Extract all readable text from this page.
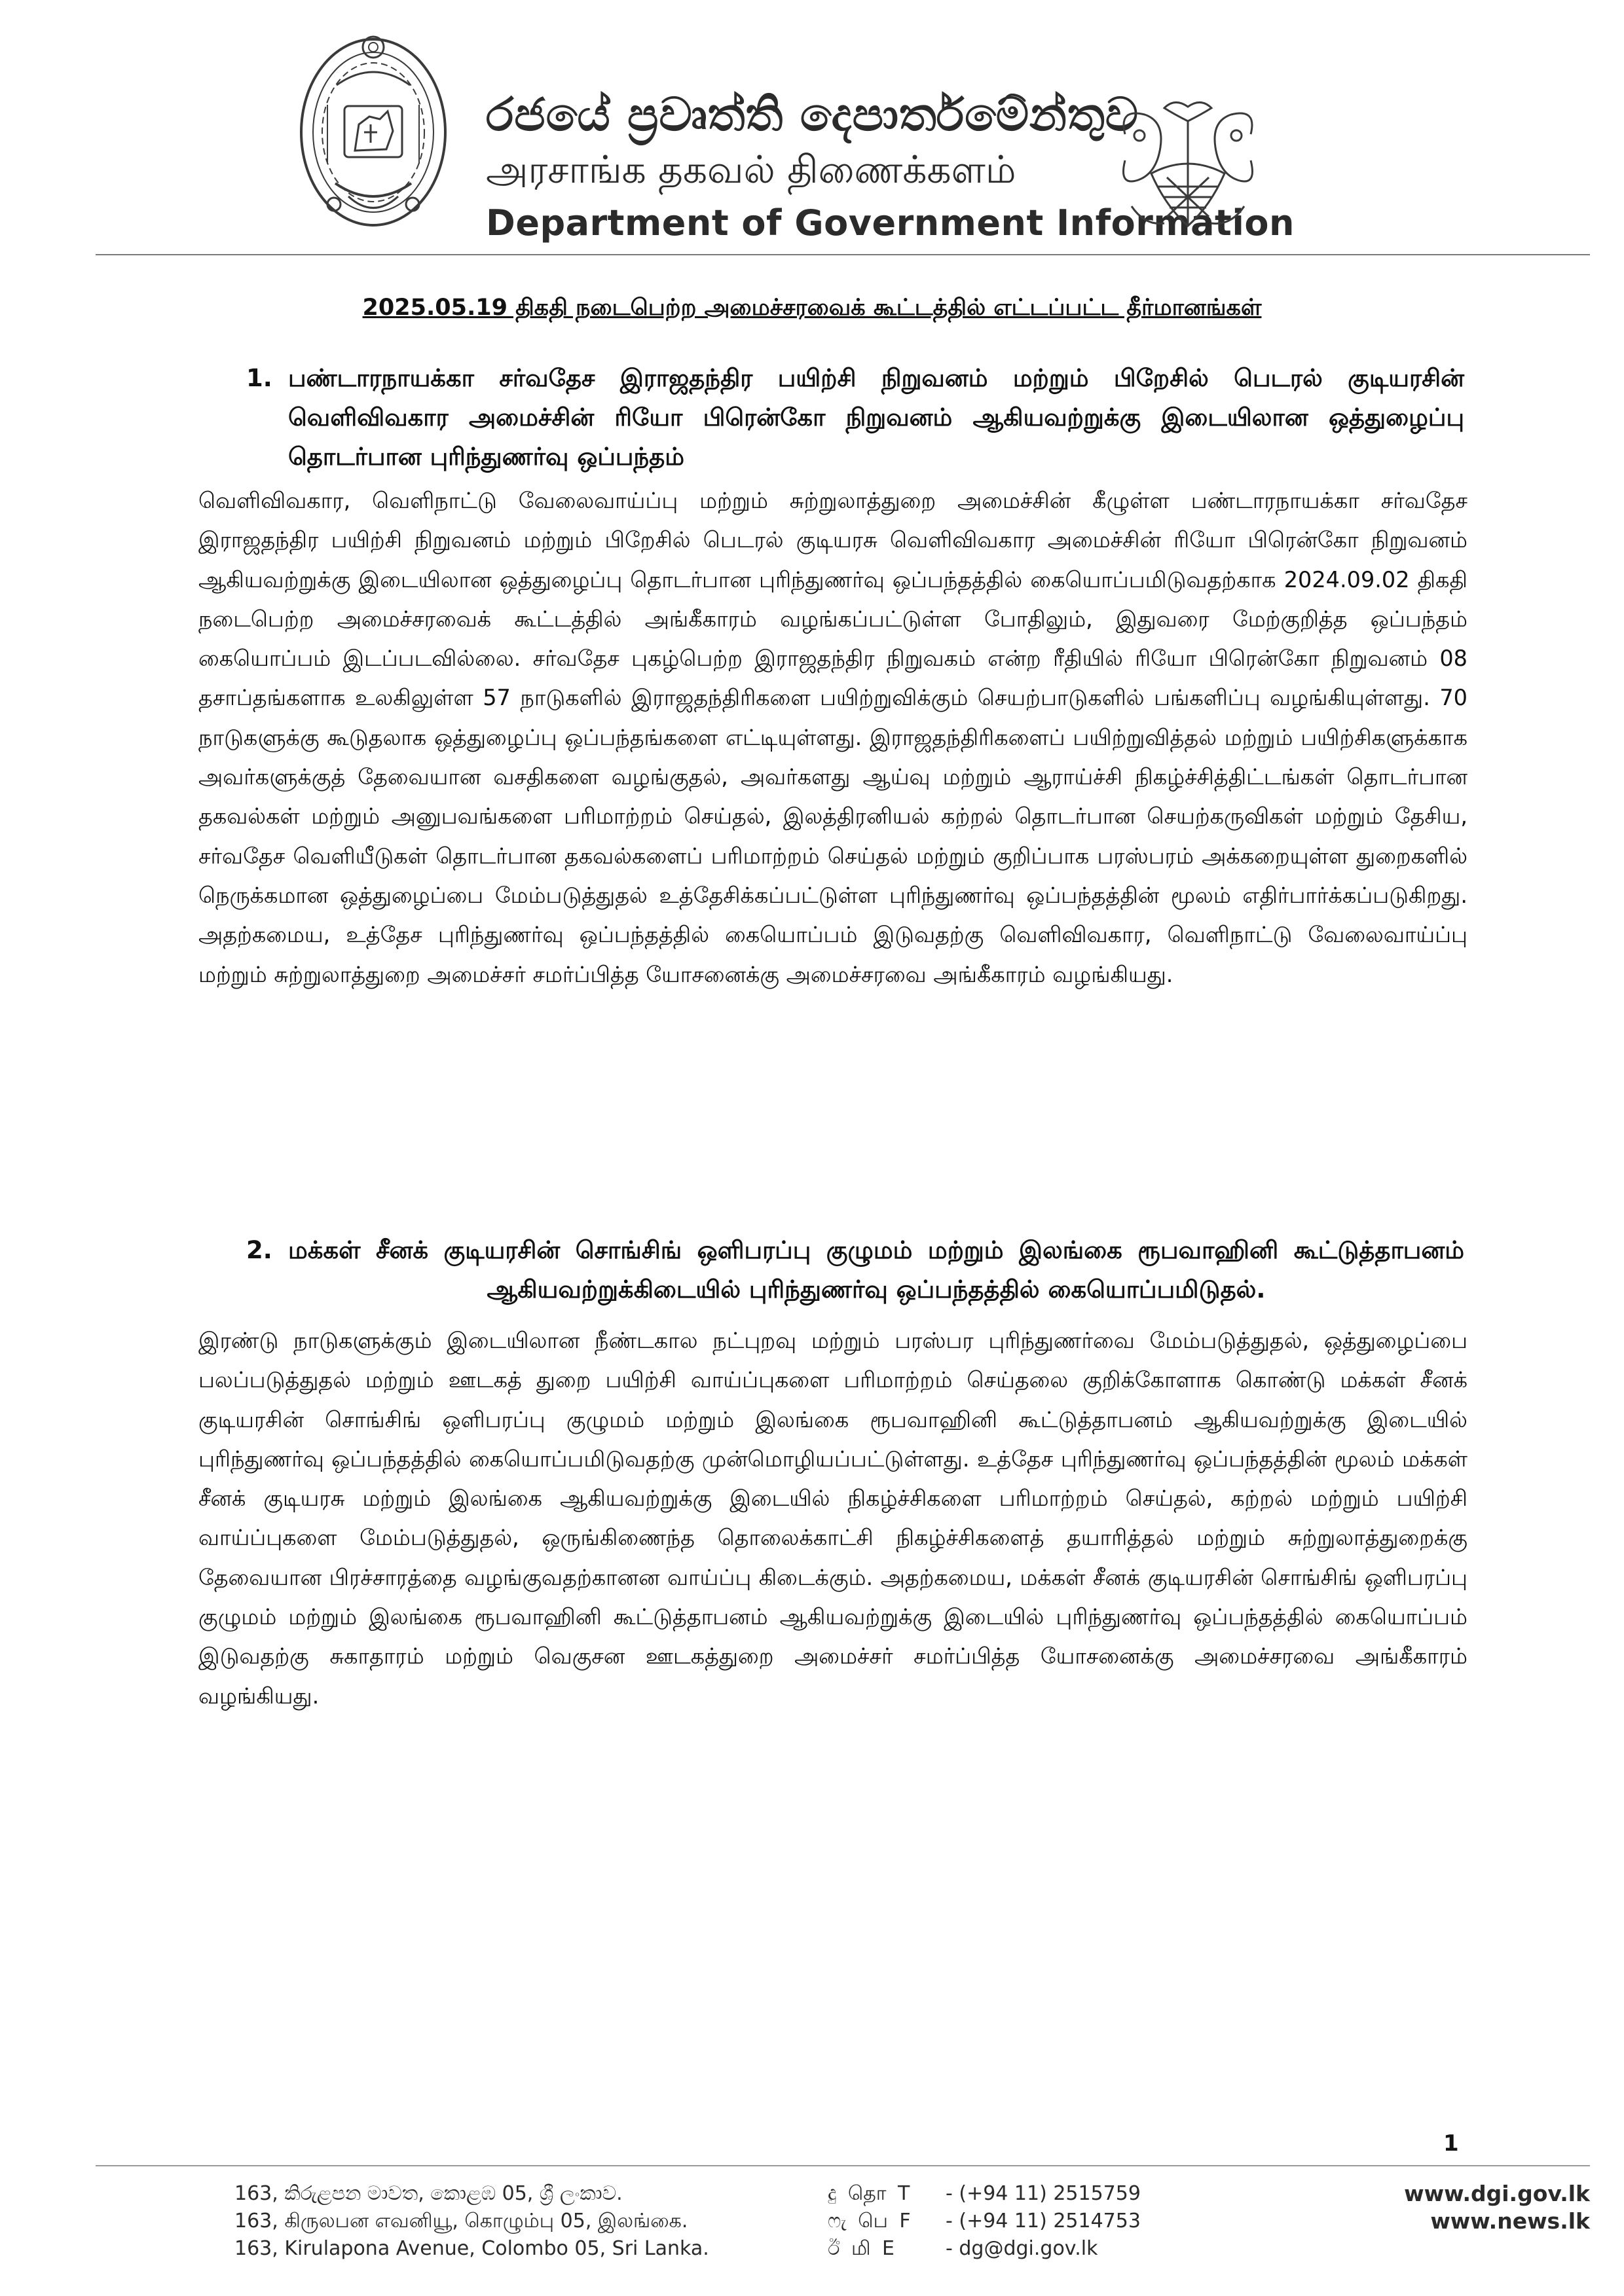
රජයේ ප්‍රවෘත්ති දෙපාර්තමේන්තුව
அரசாங்க தகவல் திணைக்களம்
Department of Government Information
2025.05.19 திகதி நடைபெற்ற அமைச்சரவைக் கூட்டத்தில் எட்டப்பட்ட தீர்மானங்கள்
1. பண்டாரநாயக்கா சர்வதேச இராஜதந்திர பயிற்சி நிறுவனம் மற்றும் பிறேசில் பெடரல் குடியரசின் வெளிவிவகார அமைச்சின் ரியோ பிரென்கோ நிறுவனம் ஆகியவற்றுக்கு இடையிலான ஒத்துழைப்பு தொடர்பான புரிந்துணர்வு ஒப்பந்தம்

வெளிவிவகார, வெளிநாட்டு வேலைவாய்ப்பு மற்றும் சுற்றுலாத்துறை அமைச்சின் கீழுள்ள பண்டாரநாயக்கா சர்வதேச இராஜதந்திர பயிற்சி நிறுவனம் மற்றும் பிறேசில் பெடரல் குடியரசு வெளிவிவகார அமைச்சின் ரியோ பிரென்கோ நிறுவனம் ஆகியவற்றுக்கு இடையிலான ஒத்துழைப்பு தொடர்பான புரிந்துணர்வு ஒப்பந்தத்தில் கையொப்பமிடுவதற்காக 2024.09.02 திகதி நடைபெற்ற அமைச்சரவைக் கூட்டத்தில் அங்கீகாரம் வழங்கப்பட்டுள்ள போதிலும், இதுவரை மேற்குறித்த ஒப்பந்தம் கையொப்பம் இடப்படவில்லை. சர்வதேச புகழ்பெற்ற இராஜதந்திர நிறுவகம் என்ற ரீதியில் ரியோ பிரென்கோ நிறுவனம் 08 தசாப்தங்களாக உலகிலுள்ள 57 நாடுகளில் இராஜதந்திரிகளை பயிற்றுவிக்கும் செயற்பாடுகளில் பங்களிப்பு வழங்கியுள்ளது. 70 நாடுகளுக்கு கூடுதலாக ஒத்துழைப்பு ஒப்பந்தங்களை எட்டியுள்ளது. இராஜதந்திரிகளைப் பயிற்றுவித்தல் மற்றும் பயிற்சிகளுக்காக அவர்களுக்குத் தேவையான வசதிகளை வழங்குதல், அவர்களது ஆய்வு மற்றும் ஆராய்ச்சி நிகழ்ச்சித்திட்டங்கள் தொடர்பான தகவல்கள் மற்றும் அனுபவங்களை பரிமாற்றம் செய்தல், இலத்திரனியல் கற்றல் தொடர்பான செயற்கருவிகள் மற்றும் தேசிய, சர்வதேச வெளியீடுகள் தொடர்பான தகவல்களைப் பரிமாற்றம் செய்தல் மற்றும் குறிப்பாக பரஸ்பரம் அக்கறையுள்ள துறைகளில் நெருக்கமான ஒத்துழைப்பை மேம்படுத்துதல் உத்தேசிக்கப்பட்டுள்ள புரிந்துணர்வு ஒப்பந்தத்தின் மூலம் எதிர்பார்க்கப்படுகிறது. அதற்கமைய, உத்தேச புரிந்துணர்வு ஒப்பந்தத்தில் கையொப்பம் இடுவதற்கு வெளிவிவகார, வெளிநாட்டு வேலைவாய்ப்பு மற்றும் சுற்றுலாத்துறை அமைச்சர் சமர்ப்பித்த யோசனைக்கு அமைச்சரவை அங்கீகாரம் வழங்கியது.

2. மக்கள் சீனக் குடியரசின் சொங்சிங் ஒளிபரப்பு குழுமம் மற்றும் இலங்கை ரூபவாஹினி கூட்டுத்தாபனம் ஆகியவற்றுக்கிடையில் புரிந்துணர்வு ஒப்பந்தத்தில் கையொப்பமிடுதல்.

இரண்டு நாடுகளுக்கும் இடையிலான நீண்டகால நட்புறவு மற்றும் பரஸ்பர புரிந்துணர்வை மேம்படுத்துதல், ஒத்துழைப்பை பலப்படுத்துதல் மற்றும் ஊடகத் துறை பயிற்சி வாய்ப்புகளை பரிமாற்றம் செய்தலை குறிக்கோளாக கொண்டு மக்கள் சீனக் குடியரசின் சொங்சிங் ஒளிபரப்பு குழுமம் மற்றும் இலங்கை ரூபவாஹினி கூட்டுத்தாபனம் ஆகியவற்றுக்கு இடையில் புரிந்துணர்வு ஒப்பந்தத்தில் கையொப்பமிடுவதற்கு முன்மொழியப்பட்டுள்ளது. உத்தேச புரிந்துணர்வு ஒப்பந்தத்தின் மூலம் மக்கள் சீனக் குடியரசு மற்றும் இலங்கை ஆகியவற்றுக்கு இடையில் நிகழ்ச்சிகளை பரிமாற்றம் செய்தல், கற்றல் மற்றும் பயிற்சி வாய்ப்புகளை மேம்படுத்துதல், ஒருங்கிணைந்த தொலைக்காட்சி நிகழ்ச்சிகளைத் தயாரித்தல் மற்றும் சுற்றுலாத்துறைக்கு தேவையான பிரச்சாரத்தை வழங்குவதற்கானன வாய்ப்பு கிடைக்கும். அதற்கமைய, மக்கள் சீனக் குடியரசின் சொங்சிங் ஒளிபரப்பு குழுமம் மற்றும் இலங்கை ரூபவாஹினி கூட்டுத்தாபனம் ஆகியவற்றுக்கு இடையில் புரிந்துணர்வு ஒப்பந்தத்தில் கையொப்பம் இடுவதற்கு சுகாதாரம் மற்றும் வெகுசன ஊடகத்துறை அமைச்சர் சமர்ப்பித்த யோசனைக்கு அமைச்சரவை அங்கீகாரம் வழங்கியது.

1
163, කිරුළපන මාවත, කොළඹ 05, ශ්‍රී ලංකාව.
163, கிருலபன எவனியூ, கொழும்பு 05, இலங்கை.
163, Kirulapona Avenue, Colombo 05, Sri Lanka.
දු தொ T	- (+94 11) 2515759
ෆැ பெ F	- (+94 11) 2514753
ඊ மி E	- dg@dgi.gov.lk
www.dgi.gov.lk
www.news.lk
